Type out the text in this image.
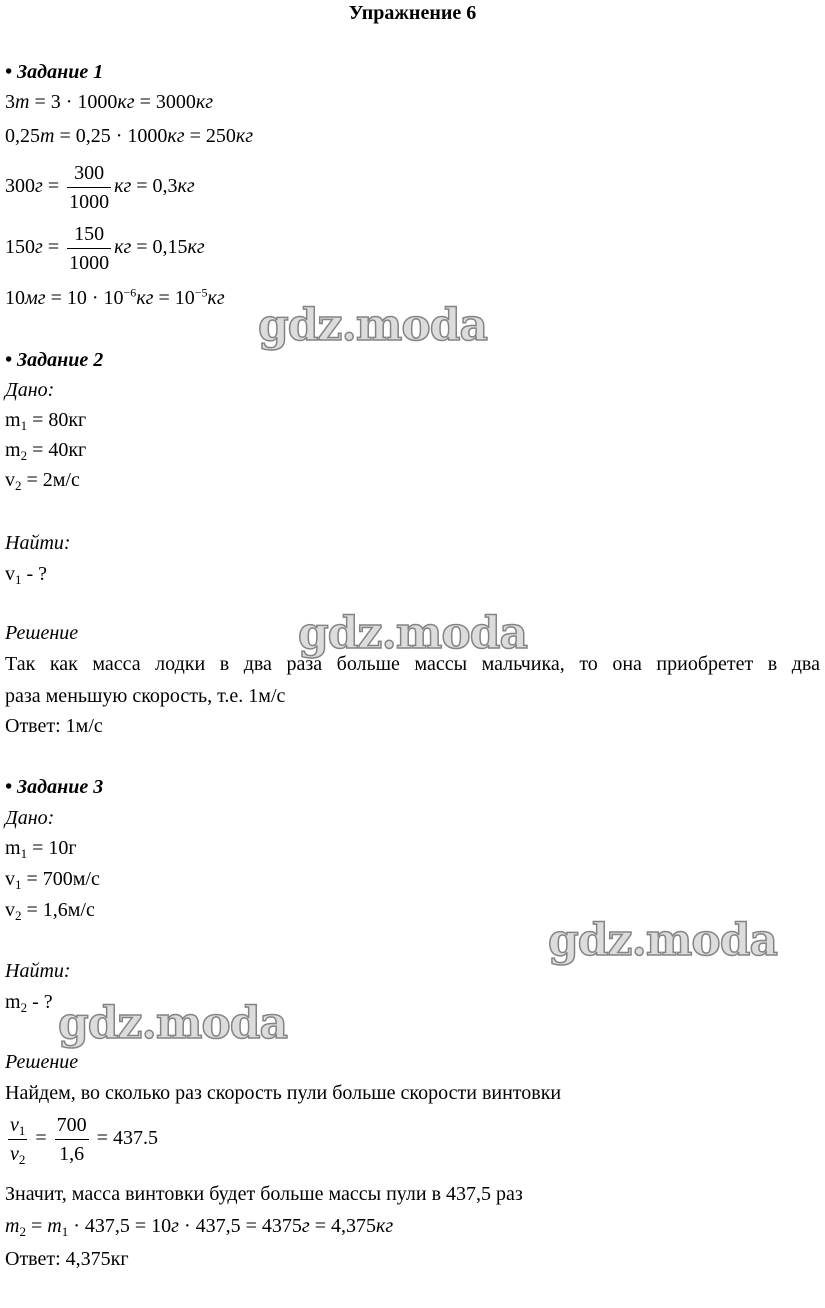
Упражнение 6
• Задание 1
3m = 3 · 1000кг = 3000кг
0,25m = 0,25 · 1000кг = 250кг
$300г = \frac{300}{1000}$ кг = 0,3кг
$150г = \frac{150}{1000}$ кг = 0,15кг
$10мг = 10 \cdot 10^{-6}кг = 10^{-5}кг$
• Задание 2
Дано:
$m_1 = 80кг$
$m_2 = 40кг$
$v_2 = 2м/с$
Найти:
$v_1$ - ?
Решение
Так как масса лодки в два раза больше массы мальчика, то она приобретет в два
раза меньшую скорость, т.е. 1м/с
Ответ: 1м/с
• Задание 3
Дано:
$m_1 = 10г$
$v_1 = 700м/с$
$v_2 = 1,6м/с$
Найти:
$m_2$ - ?
Решение
Найдем, во сколько раз скорость пули больше скорости винтовки
$\frac{v_1}{v_2} = \frac{700}{1,6} = 437.5$
Значит, масса винтовки будет больше массы пули в 437,5 раз
$m_2 = m_1 \cdot 437,5 = 10г \cdot 437,5 = 4375г = 4,375кг$
Ответ: 4,375кг
gdz.moda
gdz.moda
gdz.moda
gdz.moda
